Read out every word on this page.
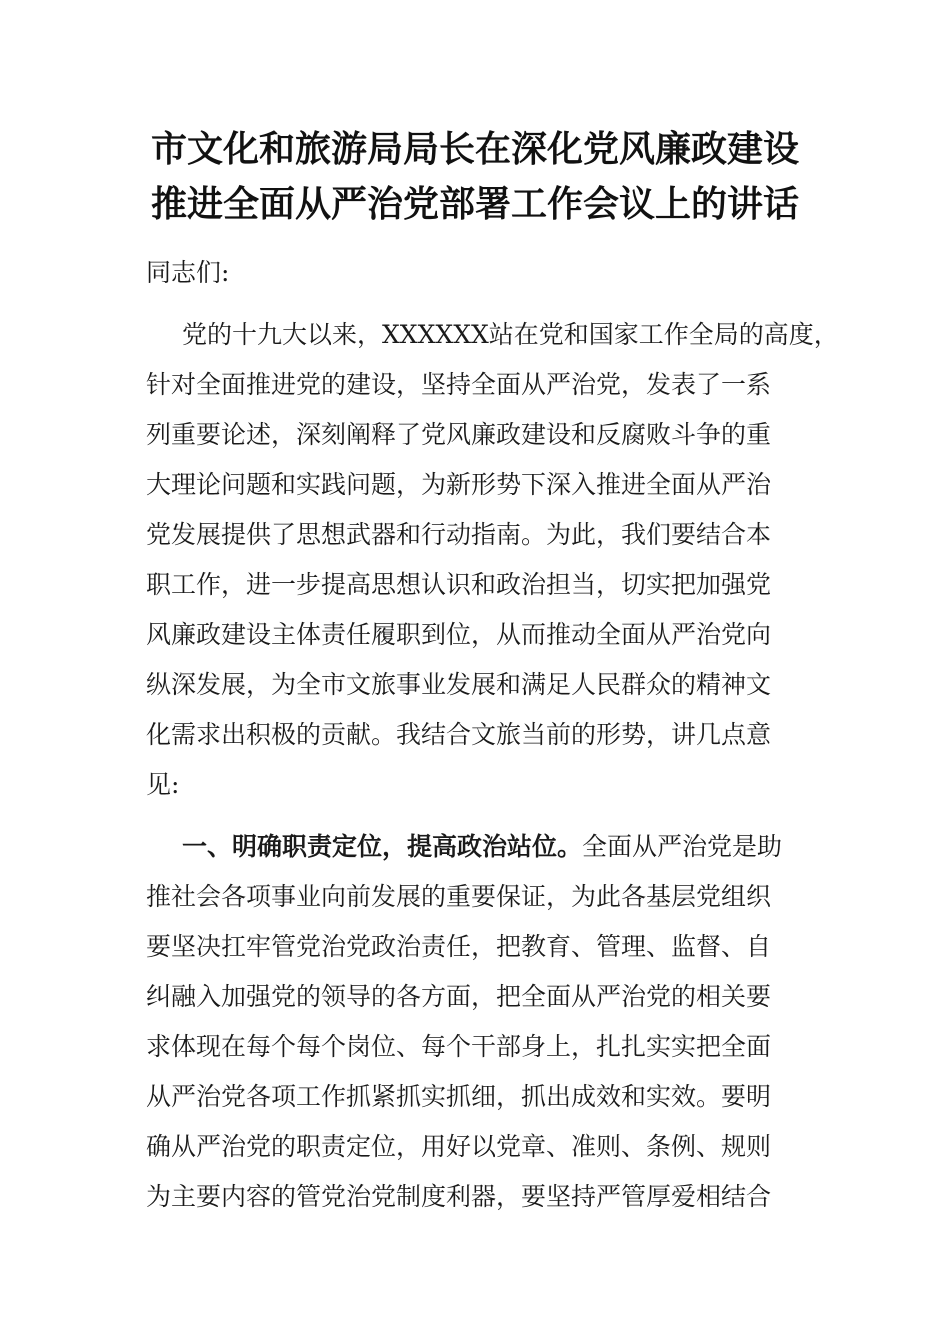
市文化和旅游局局长在深化党风廉政建设
推进全面从严治党部署工作会议上的讲话
同志们:
党的十九大以来，XXXXXX站在党和国家工作全局的高度，
针对全面推进党的建设，坚持全面从严治党，发表了一系
列重要论述，深刻阐释了党风廉政建设和反腐败斗争的重
大理论问题和实践问题，为新形势下深入推进全面从严治
党发展提供了思想武器和行动指南。为此，我们要结合本
职工作，进一步提高思想认识和政治担当，切实把加强党
风廉政建设主体责任履职到位，从而推动全面从严治党向
纵深发展，为全市文旅事业发展和满足人民群众的精神文
化需求出积极的贡献。我结合文旅当前的形势，讲几点意
见:
一、明确职责定位，提高政治站位。全面从严治党是助
推社会各项事业向前发展的重要保证，为此各基层党组织
要坚决扛牢管党治党政治责任，把教育、管理、监督、自
纠融入加强党的领导的各方面，把全面从严治党的相关要
求体现在每个每个岗位、每个干部身上，扎扎实实把全面
从严治党各项工作抓紧抓实抓细，抓出成效和实效。要明
确从严治党的职责定位，用好以党章、准则、条例、规则
为主要内容的管党治党制度利器，要坚持严管厚爱相结合
